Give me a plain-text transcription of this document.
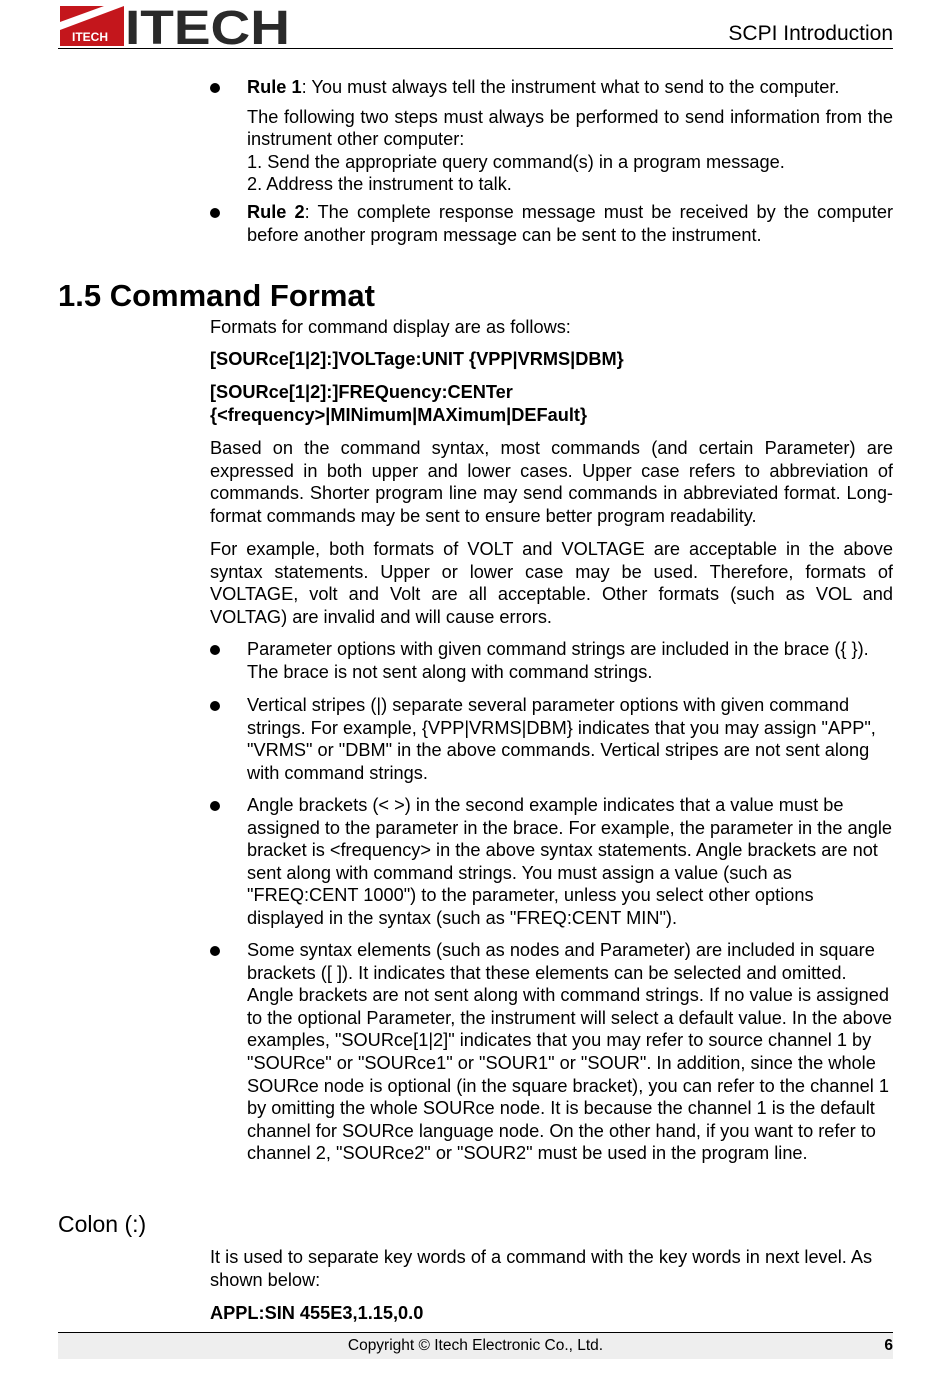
ITECH ITECH	SCPI Introduction
Rule 1: You must always tell the instrument what to send to the computer.
The following two steps must always be performed to send information from the instrument other computer:
1. Send the appropriate query command(s) in a program message.
2. Address the instrument to talk.
Rule 2: The complete response message must be received by the computer before another program message can be sent to the instrument.
1.5 Command Format
Formats for command display are as follows:
[SOURce[1|2]:]VOLTage:UNIT {VPP|VRMS|DBM}
[SOURce[1|2]:]FREQuency:CENTer
{<frequency>|MINimum|MAXimum|DEFault}
Based on the command syntax, most commands (and certain Parameter) are expressed in both upper and lower cases. Upper case refers to abbreviation of commands. Shorter program line may send commands in abbreviated format. Long-format commands may be sent to ensure better program readability.
For example, both formats of VOLT and VOLTAGE are acceptable in the above syntax statements. Upper or lower case may be used. Therefore, formats of VOLTAGE, volt and Volt are all acceptable. Other formats (such as VOL and VOLTAG) are invalid and will cause errors.
Parameter options with given command strings are included in the brace ({ }). The brace is not sent along with command strings.
Vertical stripes (|) separate several parameter options with given command strings. For example, {VPP|VRMS|DBM} indicates that you may assign "APP", "VRMS" or "DBM" in the above commands. Vertical stripes are not sent along with command strings.
Angle brackets (< >) in the second example indicates that a value must be assigned to the parameter in the brace. For example, the parameter in the angle bracket is <frequency> in the above syntax statements. Angle brackets are not sent along with command strings. You must assign a value (such as "FREQ:CENT 1000") to the parameter, unless you select other options displayed in the syntax (such as "FREQ:CENT MIN").
Some syntax elements (such as nodes and Parameter) are included in square brackets ([ ]). It indicates that these elements can be selected and omitted. Angle brackets are not sent along with command strings. If no value is assigned to the optional Parameter, the instrument will select a default value. In the above examples, "SOURce[1|2]" indicates that you may refer to source channel 1 by "SOURce" or "SOURce1" or "SOUR1" or "SOUR". In addition, since the whole SOURce node is optional (in the square bracket), you can refer to the channel 1 by omitting the whole SOURce node. It is because the channel 1 is the default channel for SOURce language node. On the other hand, if you want to refer to channel 2, "SOURce2" or "SOUR2" must be used in the program line.
Colon (:)
It is used to separate key words of a command with the key words in next level. As shown below:
APPL:SIN 455E3,1.15,0.0
Copyright © Itech Electronic Co., Ltd.	6
